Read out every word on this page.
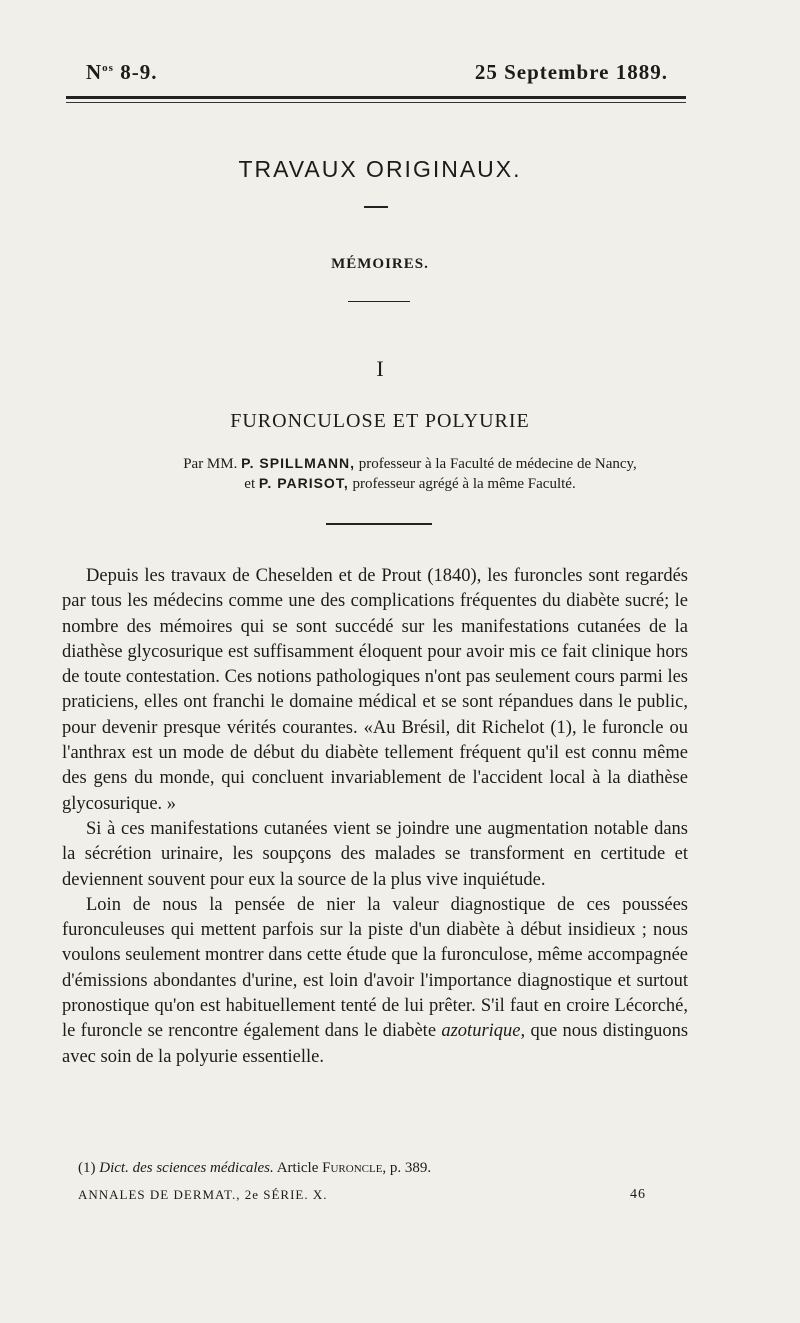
$N^{os}$ 8-9.	25 Septembre 1889.
TRAVAUX ORIGINAUX.
MÉMOIRES.
I
FURONCULOSE ET POLYURIE
Par MM. P. SPILLMANN, professeur à la Faculté de médecine de Nancy,
et P. PARISOT, professeur agrégé à la même Faculté.

Depuis les travaux de Cheselden et de Prout (1840), les furoncles sont regardés par tous les médecins comme une des complications fréquentes du diabète sucré; le nombre des mémoires qui se sont succédé sur les manifestations cutanées de la diathèse glycosurique est suffisamment éloquent pour avoir mis ce fait clinique hors de toute contestation. Ces notions pathologiques n'ont pas seulement cours parmi les praticiens, elles ont franchi le domaine médical et se sont répandues dans le public, pour devenir presque vérités courantes. «Au Brésil, dit Richelot (1), le furoncle ou l'anthrax est un mode de début du diabète tellement fréquent qu'il est connu même des gens du monde, qui concluent invariablement de l'accident local à la diathèse glycosurique. »

Si à ces manifestations cutanées vient se joindre une augmentation notable dans la sécrétion urinaire, les soupçons des malades se transforment en certitude et deviennent souvent pour eux la source de la plus vive inquiétude.

Loin de nous la pensée de nier la valeur diagnostique de ces poussées furonculeuses qui mettent parfois sur la piste d'un diabète à début insidieux ; nous voulons seulement montrer dans cette étude que la furonculose, même accompagnée d'émissions abondantes d'urine, est loin d'avoir l'importance diagnostique et surtout pronostique qu'on est habituellement tenté de lui prêter. S'il faut en croire Lécorché, le furoncle se rencontre également dans le diabète azoturique, que nous distinguons avec soin de la polyurie essentielle.

(1) Dict. des sciences médicales. Article Furoncle, p. 389.
ANNALES DE DERMAT., 2e SÉRIE. X.	46
